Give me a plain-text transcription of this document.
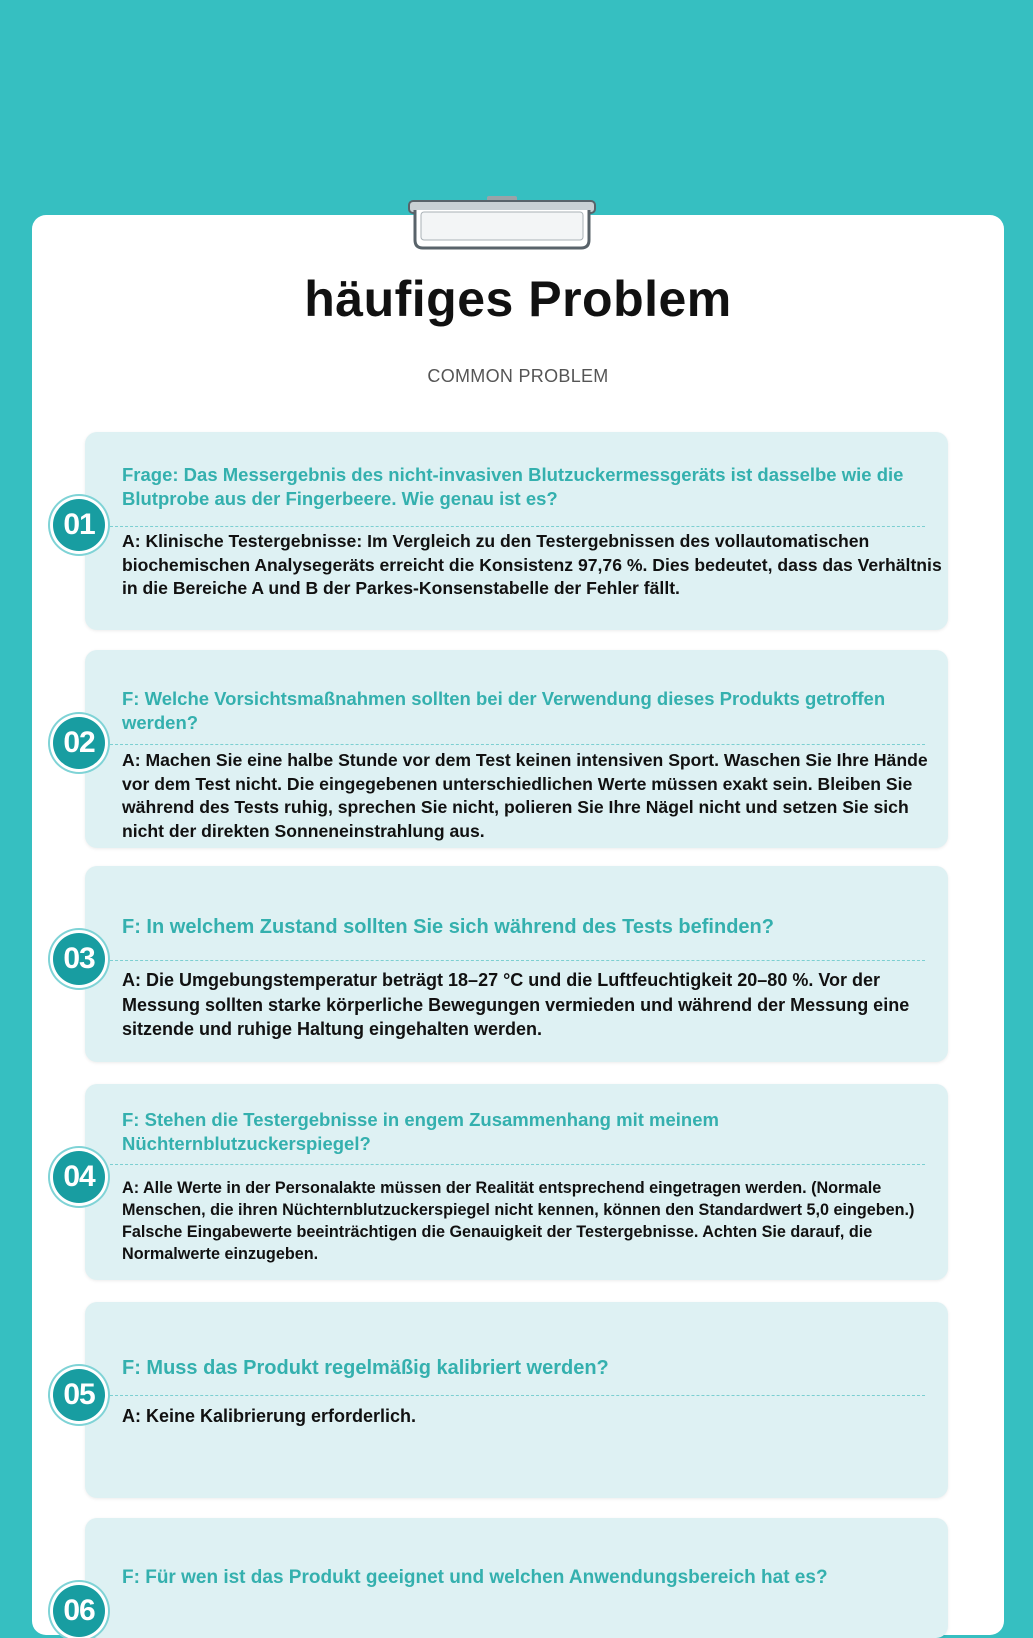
häufiges Problem
COMMON PROBLEM
01
Frage: Das Messergebnis des nicht-invasiven Blutzuckermessgeräts ist dasselbe wie die Blutprobe aus der Fingerbeere. Wie genau ist es?
A: Klinische Testergebnisse: Im Vergleich zu den Testergebnissen des vollautomatischen biochemischen Analysegeräts erreicht die Konsistenz 97,76 %. Dies bedeutet, dass das Verhältnis in die Bereiche A und B der Parkes-Konsenstabelle der Fehler fällt.
02
F: Welche Vorsichtsmaßnahmen sollten bei der Verwendung dieses Produkts getroffen werden?
A: Machen Sie eine halbe Stunde vor dem Test keinen intensiven Sport. Waschen Sie Ihre Hände vor dem Test nicht. Die eingegebenen unterschiedlichen Werte müssen exakt sein. Bleiben Sie während des Tests ruhig, sprechen Sie nicht, polieren Sie Ihre Nägel nicht und setzen Sie sich nicht der direkten Sonneneinstrahlung aus.
03
F: In welchem Zustand sollten Sie sich während des Tests befinden?
A: Die Umgebungstemperatur beträgt 18–27 °C und die Luftfeuchtigkeit 20–80 %. Vor der Messung sollten starke körperliche Bewegungen vermieden und während der Messung eine sitzende und ruhige Haltung eingehalten werden.
04
F: Stehen die Testergebnisse in engem Zusammenhang mit meinem Nüchternblutzuckerspiegel?
A: Alle Werte in der Personalakte müssen der Realität entsprechend eingetragen werden. (Normale Menschen, die ihren Nüchternblutzuckerspiegel nicht kennen, können den Standardwert 5,0 eingeben.) Falsche Eingabewerte beeinträchtigen die Genauigkeit der Testergebnisse. Achten Sie darauf, die Normalwerte einzugeben.
05
F: Muss das Produkt regelmäßig kalibriert werden?
A: Keine Kalibrierung erforderlich.
06
F: Für wen ist das Produkt geeignet und welchen Anwendungsbereich hat es?
